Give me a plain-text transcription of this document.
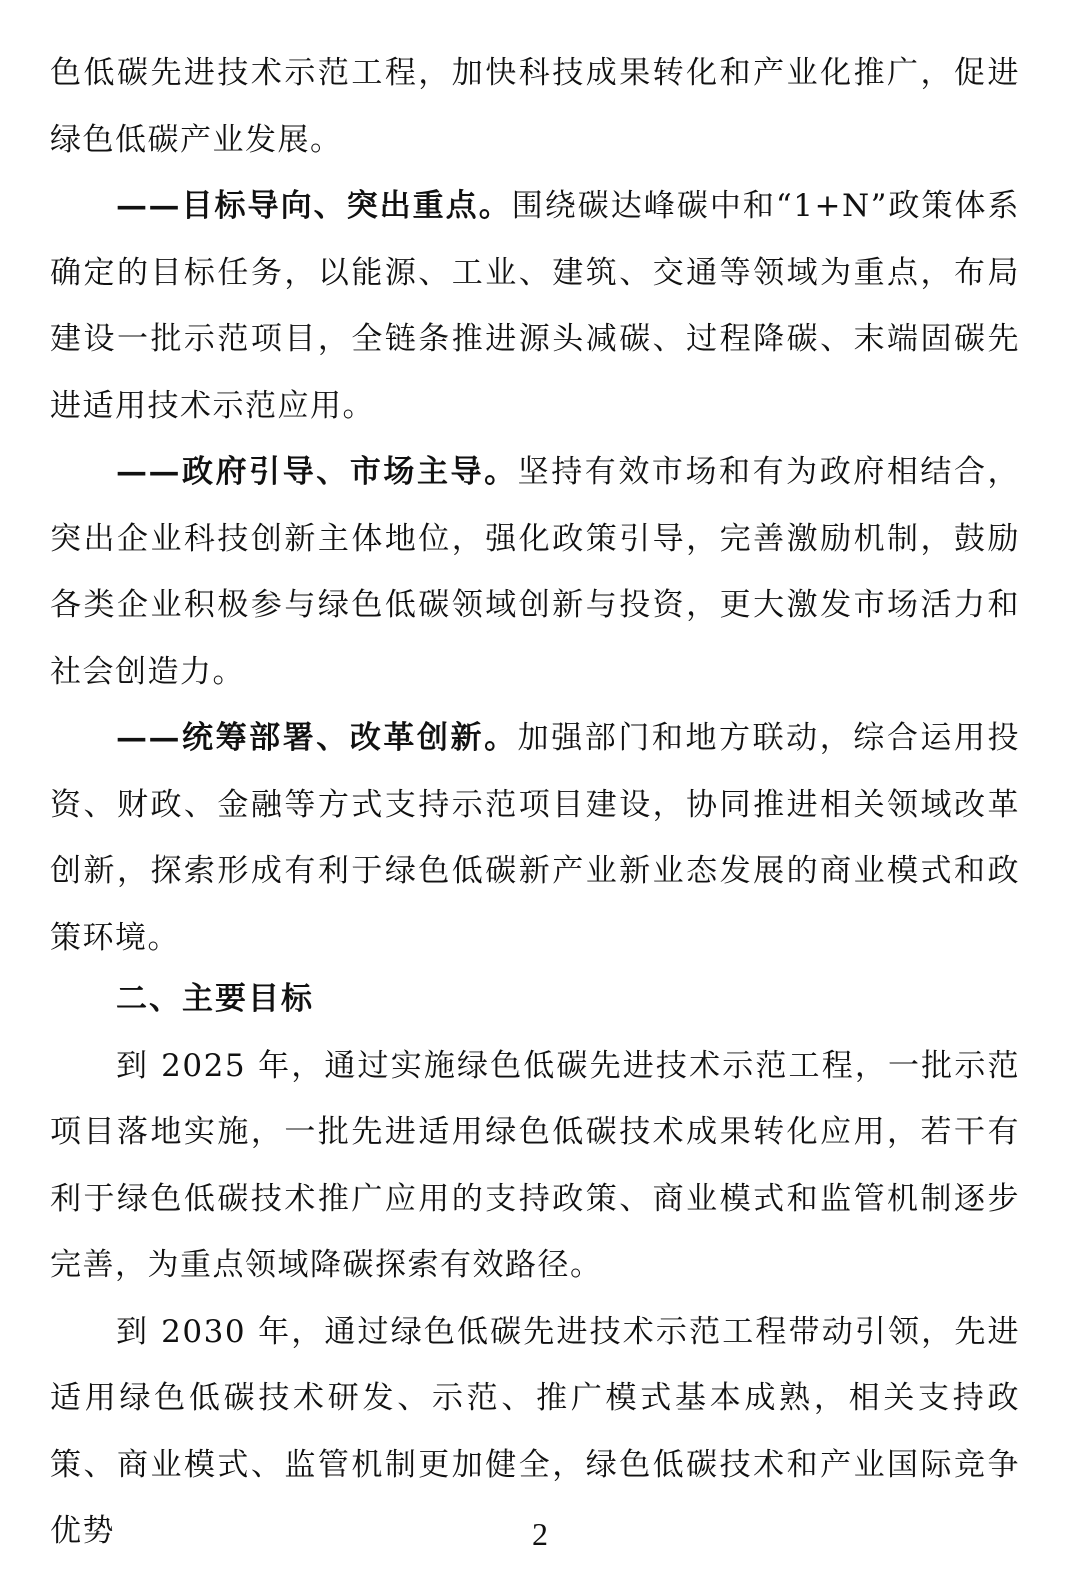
色低碳先进技术示范工程，加快科技成果转化和产业化推广，促进绿色低碳产业发展。

——目标导向、突出重点。围绕碳达峰碳中和“1+N”政策体系确定的目标任务，以能源、工业、建筑、交通等领域为重点，布局建设一批示范项目，全链条推进源头减碳、过程降碳、末端固碳先进适用技术示范应用。

——政府引导、市场主导。坚持有效市场和有为政府相结合，突出企业科技创新主体地位，强化政策引导，完善激励机制，鼓励各类企业积极参与绿色低碳领域创新与投资，更大激发市场活力和社会创造力。

——统筹部署、改革创新。加强部门和地方联动，综合运用投资、财政、金融等方式支持示范项目建设，协同推进相关领域改革创新，探索形成有利于绿色低碳新产业新业态发展的商业模式和政策环境。

二、主要目标

到 2025 年，通过实施绿色低碳先进技术示范工程，一批示范项目落地实施，一批先进适用绿色低碳技术成果转化应用，若干有利于绿色低碳技术推广应用的支持政策、商业模式和监管机制逐步完善，为重点领域降碳探索有效路径。

到 2030 年，通过绿色低碳先进技术示范工程带动引领，先进适用绿色低碳技术研发、示范、推广模式基本成熟，相关支持政策、商业模式、监管机制更加健全，绿色低碳技术和产业国际竞争优势	2
